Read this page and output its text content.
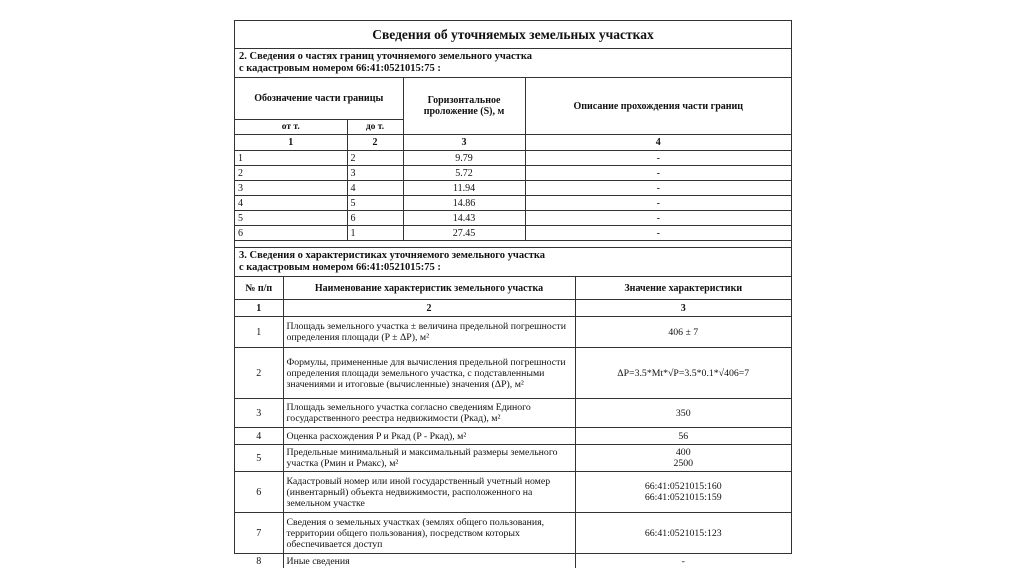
Сведения об уточняемых земельных участках
2. Сведения о частях границ уточняемого земельного участка
с кадастровым номером 66:41:0521015:75 :
Обозначение части границы		Горизонтальное проложение (S), м	Описание прохождения части границ
от т.	до т.		
1	2	3	4
1	2	9.79	-
2	3	5.72	-
3	4	11.94	-
4	5	14.86	-
5	6	14.43	-
6	1	27.45	-
3. Сведения о характеристиках уточняемого земельного участка
с кадастровым номером 66:41:0521015:75 :
№ п/п	Наименование характеристик земельного участка	Значение характеристики
1	2	3
1	Площадь земельного участка ± величина предельной погрешности определения площади (P ± ΔP), м²	406 ± 7

2	Формулы, примененные для вычисления предельной погрешности определения площади земельного участка, с подставленными значениями и итоговые (вычисленные) значения (ΔP), м²	ΔP=3.5*Mt*√P=3.5*0.1*√406=7

3	Площадь земельного участка согласно сведениям Единого государственного реестра недвижимости (Ркад), м²	350

4	Оценка расхождения P и Ркад (P - Ркад), м²	56

5	Предельные минимальный и максимальный размеры земельного участка (Рмин и Рмакс), м²	400
2500

6	Кадастровый номер или иной государственный учетный номер (инвентарный) объекта недвижимости, расположенного на земельном участке	66:41:0521015:160
66:41:0521015:159

7	Сведения о земельных участках (землях общего пользования, территории общего пользования), посредством которых обеспечивается доступ	66:41:0521015:123

8	Иные сведения	-
